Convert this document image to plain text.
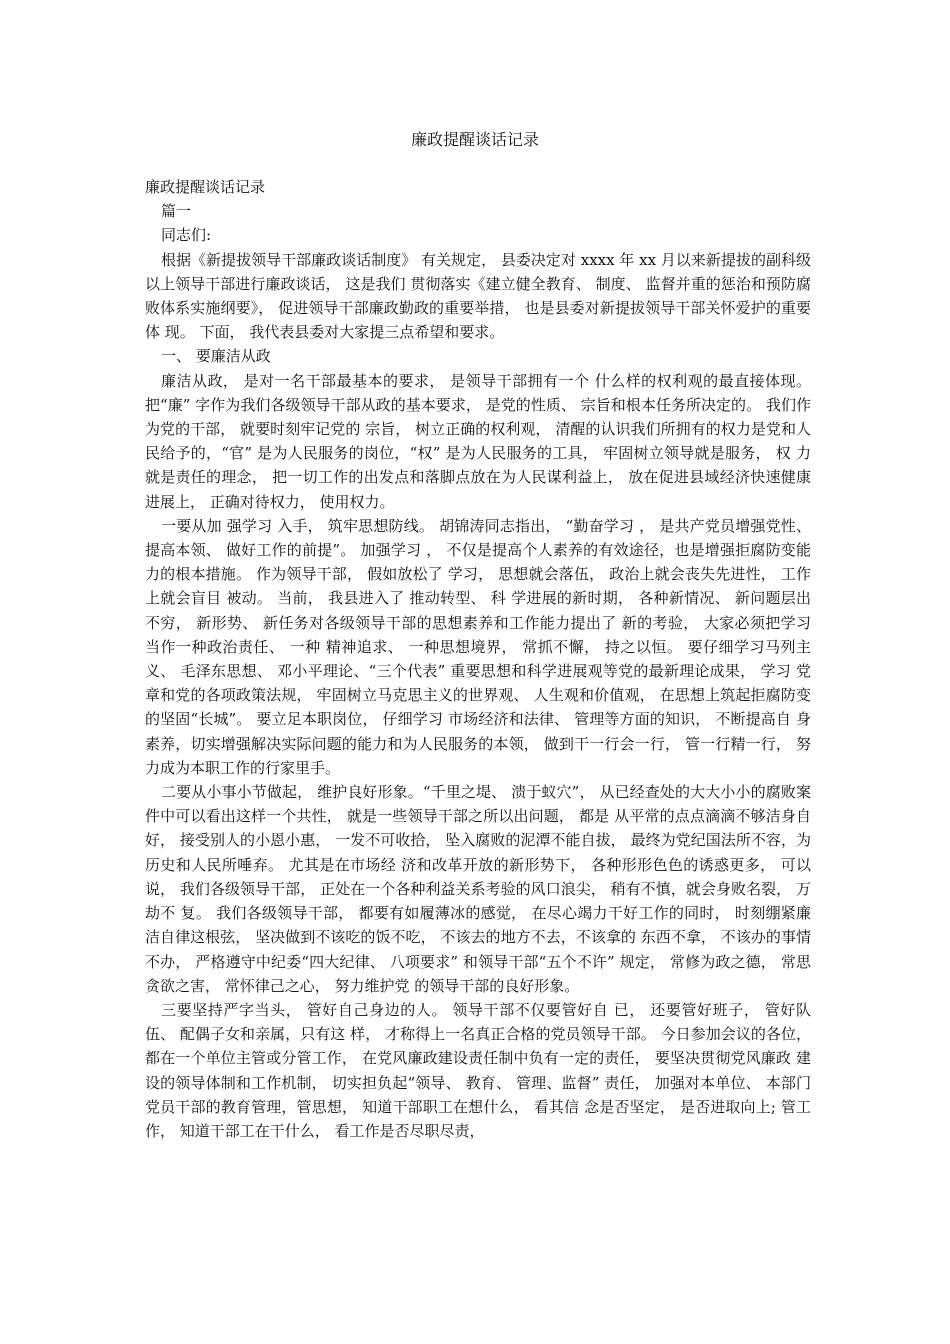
廉政提醒谈话记录

廉政提醒谈话记录

篇一

同志们:

根据《新提拔领导干部廉政谈话制度》 有关规定， 县委决定对 xxxx 年 xx 月以来新提拔的副科级以上领导干部进行廉政谈话， 这是我们 贯彻落实《建立健全教育、 制度、 监督并重的惩治和预防腐败体系实施纲要》， 促进领导干部廉政勤政的重要举措， 也是县委对新提拔领导干部关怀爱护的重要体 现。 下面， 我代表县委对大家提三点希望和要求。

一、 要廉洁从政

廉洁从政， 是对一名干部最基本的要求， 是领导干部拥有一个 什么样的权利观的最直接体现。 把“廉” 字作为我们各级领导干部从政的基本要求， 是党的性质、 宗旨和根本任务所决定的。 我们作为党的干部， 就要时刻牢记党的 宗旨， 树立正确的权利观， 清醒的认识我们所拥有的权力是党和人民给予的，“官” 是为人民服务的岗位，“权” 是为人民服务的工具， 牢固树立领导就是服务， 权 力就是责任的理念， 把一切工作的出发点和落脚点放在为人民谋利益上， 放在促进县域经济快速健康进展上， 正确对待权力， 使用权力。

一要从加 强学习 入手， 筑牢思想防线。 胡锦涛同志指出， “勤奋学习 ， 是共产党员增强党性、 提高本领、 做好工作的前提”。 加强学习 ， 不仅是提高个人素养的有效途径，也是增强拒腐防变能力的根本措施。 作为领导干部， 假如放松了 学习， 思想就会落伍， 政治上就会丧失先进性， 工作上就会盲目 被动。 当前， 我县进入了 推动转型、 科 学进展的新时期， 各种新情况、 新问题层出不穷， 新形势、 新任务对各级领导干部的思想素养和工作能力提出了 新的考验， 大家必须把学习 当作一种政治责任、 一种 精神追求、 一种思想境界， 常抓不懈， 持之以恒。 要仔细学习马列主义、 毛泽东思想、 邓小平理论、“三个代表” 重要思想和科学进展观等党的最新理论成果， 学习 党章和党的各项政策法规， 牢固树立马克思主义的世界观、 人生观和价值观， 在思想上筑起拒腐防变的坚固“长城”。 要立足本职岗位， 仔细学习 市场经济和法律、 管理等方面的知识， 不断提高自 身素养，切实增强解决实际问题的能力和为人民服务的本领， 做到干一行会一行， 管一行精一行， 努力成为本职工作的行家里手。

二要从小事小节做起， 维护良好形象。“千里之堤、 溃于蚁穴”， 从已经查处的大大小小的腐败案件中可以看出这样一个共性， 就是一些领导干部之所以出问题， 都是 从平常的点点滴滴不够洁身自好， 接受别人的小恩小惠， 一发不可收拾， 坠入腐败的泥潭不能自拔， 最终为党纪国法所不容，为历史和人民所唾弃。 尤其是在市场经 济和改革开放的新形势下， 各种形形色色的诱惑更多， 可以说， 我们各级领导干部， 正处在一个各种利益关系考验的风口浪尖， 稍有不慎，就会身败名裂， 万劫不 复。 我们各级领导干部， 都要有如履薄冰的感觉， 在尽心竭力干好工作的同时， 时刻绷紧廉洁自律这根弦， 坚决做到不该吃的饭不吃， 不该去的地方不去，不该拿的 东西不拿， 不该办的事情不办， 严格遵守中纪委“四大纪律、 八项要求” 和领导干部“五个不许” 规定， 常修为政之德， 常思贪欲之害， 常怀律己之心， 努力维护党 的领导干部的良好形象。

三要坚持严字当头， 管好自己身边的人。 领导干部不仅要管好自 已， 还要管好班子， 管好队伍、 配偶子女和亲属，只有这 样， 才称得上一名真正合格的党员领导干部。 今日参加会议的各位， 都在一个单位主管或分管工作， 在党风廉政建设责任制中负有一定的责任， 要坚决贯彻党风廉政 建设的领导体制和工作机制， 切实担负起“领导、 教育、 管理、监督” 责任， 加强对本单位、 本部门党员干部的教育管理，管思想， 知道干部职工在想什么， 看其信 念是否坚定， 是否进取向上; 管工作， 知道干部工在干什么， 看工作是否尽职尽责，
